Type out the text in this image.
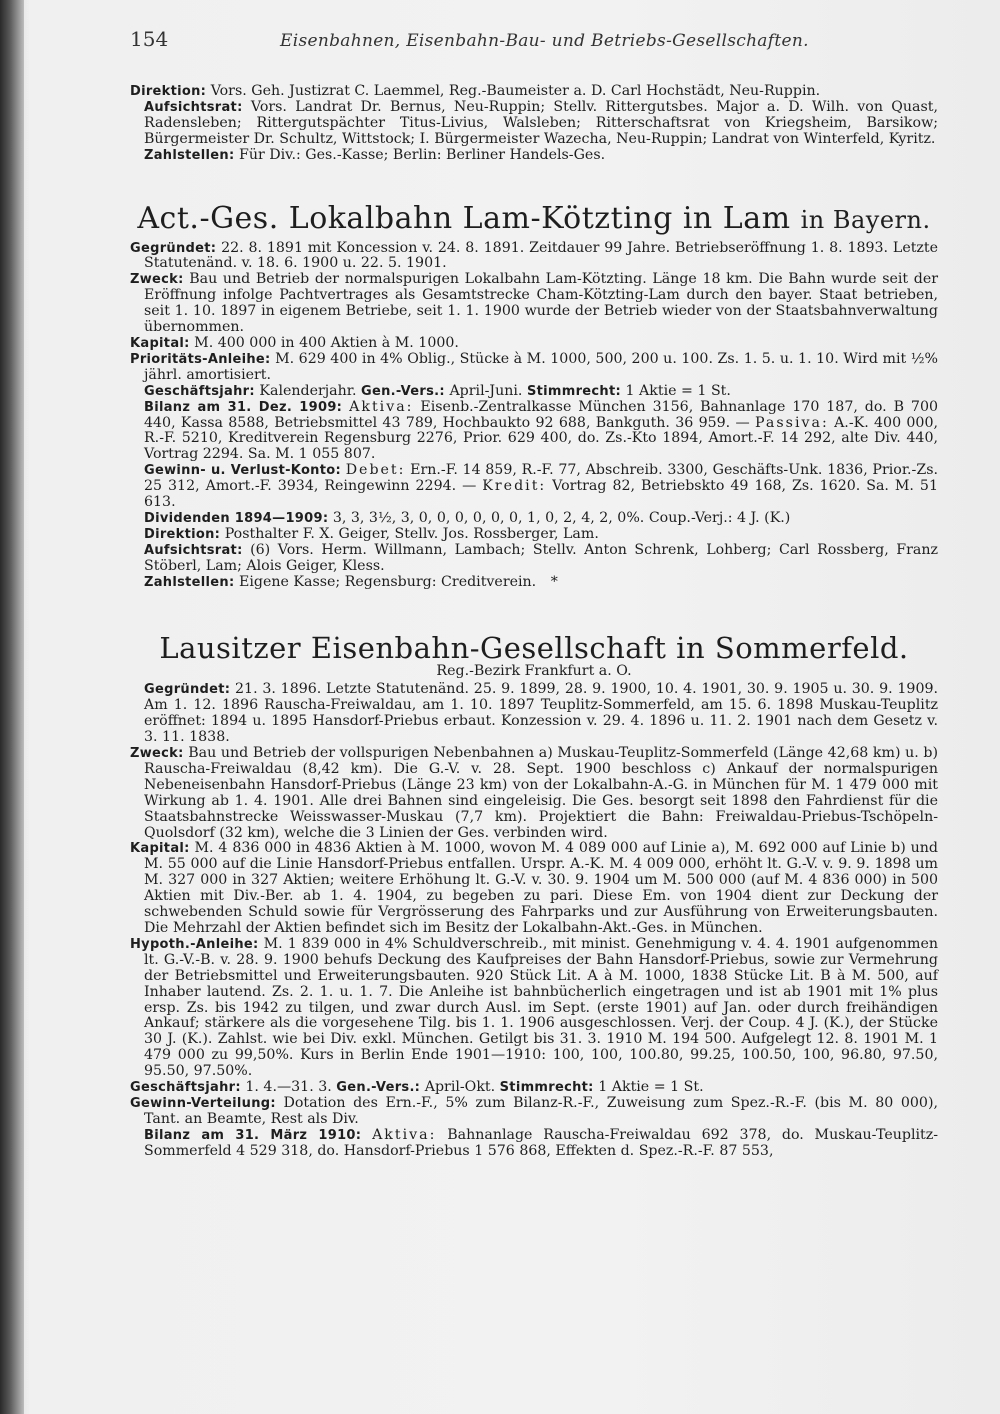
154	Eisenbahnen, Eisenbahn-Bau- und Betriebs-Gesellschaften.

Direktion: Vors. Geh. Justizrat C. Laemmel, Reg.-Baumeister a. D. Carl Hochstädt, Neu-Ruppin.

Aufsichtsrat: Vors. Landrat Dr. Bernus, Neu-Ruppin; Stellv. Rittergutsbes. Major a. D. Wilh. von Quast, Radensleben; Rittergutspächter Titus-Livius, Walsleben; Ritterschaftsrat von Kriegsheim, Barsikow; Bürgermeister Dr. Schultz, Wittstock; I. Bürgermeister Wazecha, Neu-Ruppin; Landrat von Winterfeld, Kyritz.

Zahlstellen: Für Div.: Ges.-Kasse; Berlin: Berliner Handels-Ges.

Act.-Ges. Lokalbahn Lam-Kötzting in Lam in Bayern.

Gegründet: 22. 8. 1891 mit Koncession v. 24. 8. 1891. Zeitdauer 99 Jahre. Betriebseröffnung 1. 8. 1893. Letzte Statutenänd. v. 18. 6. 1900 u. 22. 5. 1901.

Zweck: Bau und Betrieb der normalspurigen Lokalbahn Lam-Kötzting. Länge 18 km. Die Bahn wurde seit der Eröffnung infolge Pachtvertrages als Gesamtstrecke Cham-Kötzting-Lam durch den bayer. Staat betrieben, seit 1. 10. 1897 in eigenem Betriebe, seit 1. 1. 1900 wurde der Betrieb wieder von der Staatsbahnverwaltung übernommen.

Kapital: M. 400 000 in 400 Aktien à M. 1000.

Prioritäts-Anleihe: M. 629 400 in 4% Oblig., Stücke à M. 1000, 500, 200 u. 100. Zs. 1. 5. u. 1. 10. Wird mit ½% jährl. amortisiert.

Geschäftsjahr: Kalenderjahr. Gen.-Vers.: April-Juni. Stimmrecht: 1 Aktie = 1 St.

Bilanz am 31. Dez. 1909: Aktiva: Eisenb.-Zentralkasse München 3156, Bahnanlage 170 187, do. B 700 440, Kassa 8588, Betriebsmittel 43 789, Hochbaukto 92 688, Bankguth. 36 959. — Passiva: A.-K. 400 000, R.-F. 5210, Kreditverein Regensburg 2276, Prior. 629 400, do. Zs.-Kto 1894, Amort.-F. 14 292, alte Div. 440, Vortrag 2294. Sa. M. 1 055 807.

Gewinn- u. Verlust-Konto: Debet: Ern.-F. 14 859, R.-F. 77, Abschreib. 3300, Geschäfts-Unk. 1836, Prior.-Zs. 25 312, Amort.-F. 3934, Reingewinn 2294. — Kredit: Vortrag 82, Betriebskto 49 168, Zs. 1620. Sa. M. 51 613.

Dividenden 1894—1909: 3, 3, 3½, 3, 0, 0, 0, 0, 0, 0, 1, 0, 2, 4, 2, 0%. Coup.-Verj.: 4 J. (K.)

Direktion: Posthalter F. X. Geiger, Stellv. Jos. Rossberger, Lam.

Aufsichtsrat: (6) Vors. Herm. Willmann, Lambach; Stellv. Anton Schrenk, Lohberg; Carl Rossberg, Franz Stöberl, Lam; Alois Geiger, Kless.

Zahlstellen: Eigene Kasse; Regensburg: Creditverein. *

Lausitzer Eisenbahn-Gesellschaft in Sommerfeld.
Reg.-Bezirk Frankfurt a. O.

Gegründet: 21. 3. 1896. Letzte Statutenänd. 25. 9. 1899, 28. 9. 1900, 10. 4. 1901, 30. 9. 1905 u. 30. 9. 1909. Am 1. 12. 1896 Rauscha-Freiwaldau, am 1. 10. 1897 Teuplitz-Sommerfeld, am 15. 6. 1898 Muskau-Teuplitz eröffnet: 1894 u. 1895 Hansdorf-Priebus erbaut. Konzession v. 29. 4. 1896 u. 11. 2. 1901 nach dem Gesetz v. 3. 11. 1838.

Zweck: Bau und Betrieb der vollspurigen Nebenbahnen a) Muskau-Teuplitz-Sommerfeld (Länge 42,68 km) u. b) Rauscha-Freiwaldau (8,42 km). Die G.-V. v. 28. Sept. 1900 beschloss c) Ankauf der normalspurigen Nebeneisenbahn Hansdorf-Priebus (Länge 23 km) von der Lokalbahn-A.-G. in München für M. 1 479 000 mit Wirkung ab 1. 4. 1901. Alle drei Bahnen sind eingeleisig. Die Ges. besorgt seit 1898 den Fahrdienst für die Staatsbahnstrecke Weisswasser-Muskau (7,7 km). Projektiert die Bahn: Freiwaldau-Priebus-Tschöpeln-Quolsdorf (32 km), welche die 3 Linien der Ges. verbinden wird.

Kapital: M. 4 836 000 in 4836 Aktien à M. 1000, wovon M. 4 089 000 auf Linie a), M. 692 000 auf Linie b) und M. 55 000 auf die Linie Hansdorf-Priebus entfallen. Urspr. A.-K. M. 4 009 000, erhöht lt. G.-V. v. 9. 9. 1898 um M. 327 000 in 327 Aktien; weitere Erhöhung lt. G.-V. v. 30. 9. 1904 um M. 500 000 (auf M. 4 836 000) in 500 Aktien mit Div.-Ber. ab 1. 4. 1904, zu begeben zu pari. Diese Em. von 1904 dient zur Deckung der schwebenden Schuld sowie für Vergrösserung des Fahrparks und zur Ausführung von Erweiterungsbauten. Die Mehrzahl der Aktien befindet sich im Besitz der Lokalbahn-Akt.-Ges. in München.

Hypoth.-Anleihe: M. 1 839 000 in 4% Schuldverschreib., mit minist. Genehmigung v. 4. 4. 1901 aufgenommen lt. G.-V.-B. v. 28. 9. 1900 behufs Deckung des Kaufpreises der Bahn Hansdorf-Priebus, sowie zur Vermehrung der Betriebsmittel und Erweiterungsbauten. 920 Stück Lit. A à M. 1000, 1838 Stücke Lit. B à M. 500, auf Inhaber lautend. Zs. 2. 1. u. 1. 7. Die Anleihe ist bahnbücherlich eingetragen und ist ab 1901 mit 1% plus ersp. Zs. bis 1942 zu tilgen, und zwar durch Ausl. im Sept. (erste 1901) auf Jan. oder durch freihändigen Ankauf; stärkere als die vorgesehene Tilg. bis 1. 1. 1906 ausgeschlossen. Verj. der Coup. 4 J. (K.), der Stücke 30 J. (K.). Zahlst. wie bei Div. exkl. München. Getilgt bis 31. 3. 1910 M. 194 500. Aufgelegt 12. 8. 1901 M. 1 479 000 zu 99,50%. Kurs in Berlin Ende 1901—1910: 100, 100, 100.80, 99.25, 100.50, 100, 96.80, 97.50, 95.50, 97.50%.

Geschäftsjahr: 1. 4.—31. 3. Gen.-Vers.: April-Okt. Stimmrecht: 1 Aktie = 1 St.

Gewinn-Verteilung: Dotation des Ern.-F., 5% zum Bilanz-R.-F., Zuweisung zum Spez.-R.-F. (bis M. 80 000), Tant. an Beamte, Rest als Div.

Bilanz am 31. März 1910: Aktiva: Bahnanlage Rauscha-Freiwaldau 692 378, do. Muskau-Teuplitz-Sommerfeld 4 529 318, do. Hansdorf-Priebus 1 576 868, Effekten d. Spez.-R.-F. 87 553,
